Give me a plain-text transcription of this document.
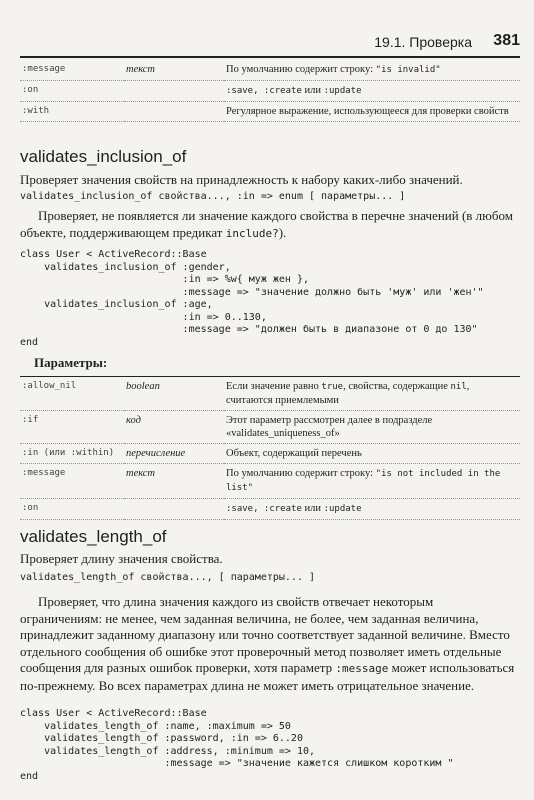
19.1. Проверка 381
:message	текст	По умолчанию содержит строку: "is invalid"
:on		:save, :create или :update
:with		Регулярное выражение, использующееся для проверки свойств
validates_inclusion_of
Проверяет значения свойств на принадлежность к набору каких-либо значений.
validates_inclusion_of свойства..., :in => enum [ параметры... ]
Проверяет, не появляется ли значение каждого свойства в перечне значений (в любом объекте, поддерживающем предикат include?).
class User < ActiveRecord::Base
validates_inclusion_of :gender,
:in => %w{ муж жен },
:message => "значение должно быть 'муж' или 'жен'"
validates_inclusion_of :age,
:in => 0..130,
:message => "должен быть в диапазоне от 0 до 130"
end
Параметры:
:allow_nil	boolean	Если значение равно true, свойства, содержащие nil, считаются приемлемыми
:if	код	Этот параметр рассмотрен далее в подразделе «validates_uniqueness_of»
:in (или :within)	перечисление	Объект, содержащий перечень
:message	текст	По умолчанию содержит строку: "is not included in the list"
:on		:save, :create или :update
validates_length_of
Проверяет длину значения свойства.
validates_length_of свойства..., [ параметры... ]
Проверяет, что длина значения каждого из свойств отвечает некоторым ограничениям: не менее, чем заданная величина, не более, чем заданная величина, принадлежит заданному диапазону или точно соответствует заданной величине. Вместо отдельного сообщения об ошибке этот проверочный метод позволяет иметь отдельные сообщения для разных ошибок проверки, хотя параметр :message может использоваться по-прежнему. Во всех параметрах длина не может иметь отрицательное значение.
class User < ActiveRecord::Base
validates_length_of :name, :maximum => 50
validates_length_of :password, :in => 6..20
validates_length_of :address, :minimum => 10,
:message => "значение кажется слишком коротким "
end
